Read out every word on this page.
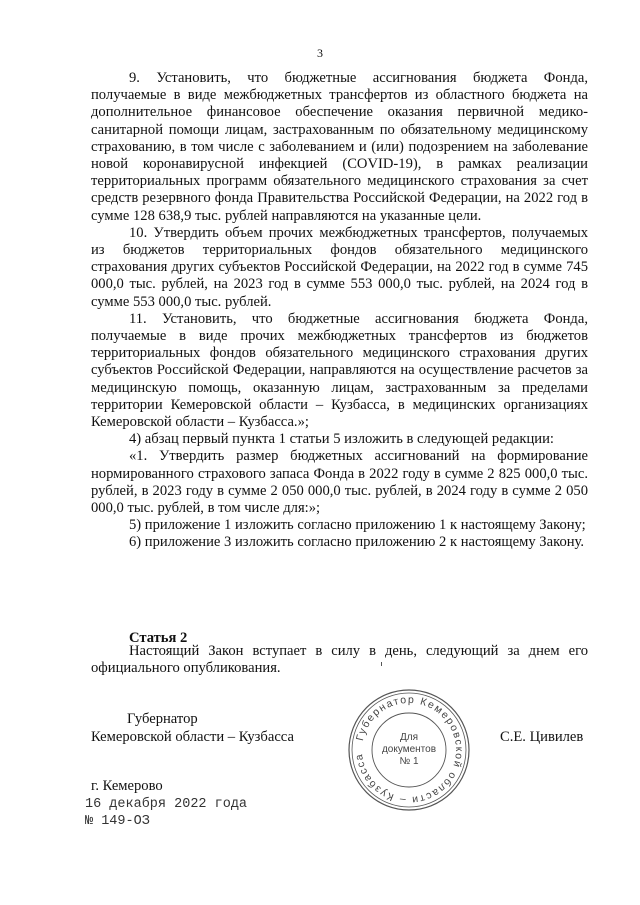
3

9. Установить, что бюджетные ассигнования бюджета Фонда, получаемые в виде межбюджетных трансфертов из областного бюджета на дополнительное финансовое обеспечение оказания первичной медико-санитарной помощи лицам, застрахованным по обязательному медицинскому страхованию, в том числе с заболеванием и (или) подозрением на заболевание новой коронавирусной инфекцией (COVID-19), в рамках реализации территориальных программ обязательного медицинского страхования за счет средств резервного фонда Правительства Российской Федерации, на 2022 год в сумме 128 638,9 тыс. рублей направляются на указанные цели.

10. Утвердить объем прочих межбюджетных трансфертов, получаемых из бюджетов территориальных фондов обязательного медицинского страхования других субъектов Российской Федерации, на 2022 год в сумме 745 000,0 тыс. рублей, на 2023 год в сумме 553 000,0 тыс. рублей, на 2024 год в сумме 553 000,0 тыс. рублей.

11. Установить, что бюджетные ассигнования бюджета Фонда, получаемые в виде прочих межбюджетных трансфертов из бюджетов территориальных фондов обязательного медицинского страхования других субъектов Российской Федерации, направляются на осуществление расчетов за медицинскую помощь, оказанную лицам, застрахованным за пределами территории Кемеровской области – Кузбасса, в медицинских организациях Кемеровской области – Кузбасса.»;

4) абзац первый пункта 1 статьи 5 изложить в следующей редакции:

«1. Утвердить размер бюджетных ассигнований на формирование нормированного страхового запаса Фонда в 2022 году в сумме 2 825 000,0 тыс. рублей, в 2023 году в сумме 2 050 000,0 тыс. рублей, в 2024 году в сумме 2 050 000,0 тыс. рублей, в том числе для:»;

5) приложение 1 изложить согласно приложению 1 к настоящему Закону;

6) приложение 3 изложить согласно приложению 2 к настоящему Закону.

Статья 2

Настоящий Закон вступает в силу в день, следующий за днем его официального опубликования.

Губернатор
Кемеровской области – Кузбасса	С.Е. Цивилев
Губернатор Кемеровской области – Кузбасса
Для
документов
№ 1
г. Кемерово
16 декабря 2022 года
№ 149-ОЗ
